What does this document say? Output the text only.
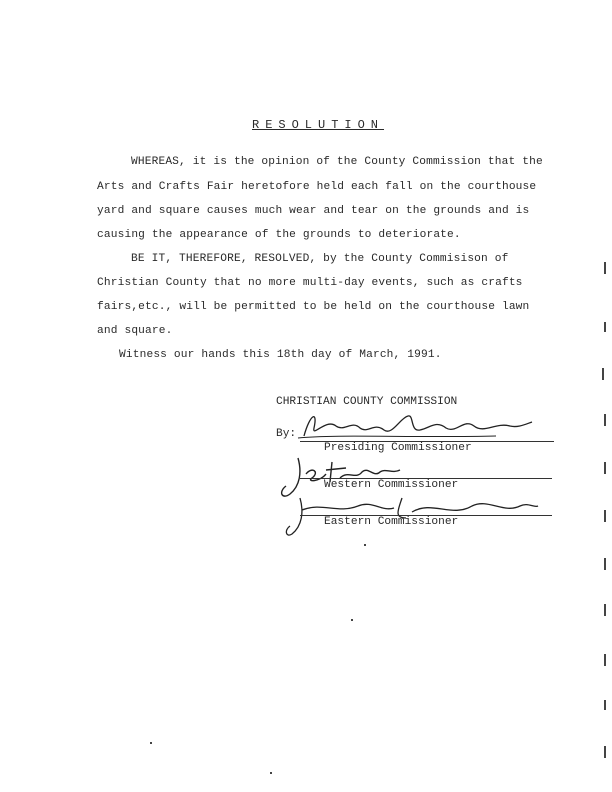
RESOLUTION
WHEREAS, it is the opinion of the County Commission that the
Arts and Crafts Fair heretofore held each fall on the courthouse
yard and square causes much wear and tear on the grounds and is
causing the appearance of the grounds to deteriorate.
BE IT, THEREFORE, RESOLVED, by the County Commisison of
Christian County that no more multi-day events, such as crafts
fairs,etc., will be permitted to be held on the courthouse lawn
and square.
Witness our hands this 18th day of March, 1991.
CHRISTIAN COUNTY COMMISSION
By:
Presiding Commissioner
Western Commissioner
Eastern Commissioner
